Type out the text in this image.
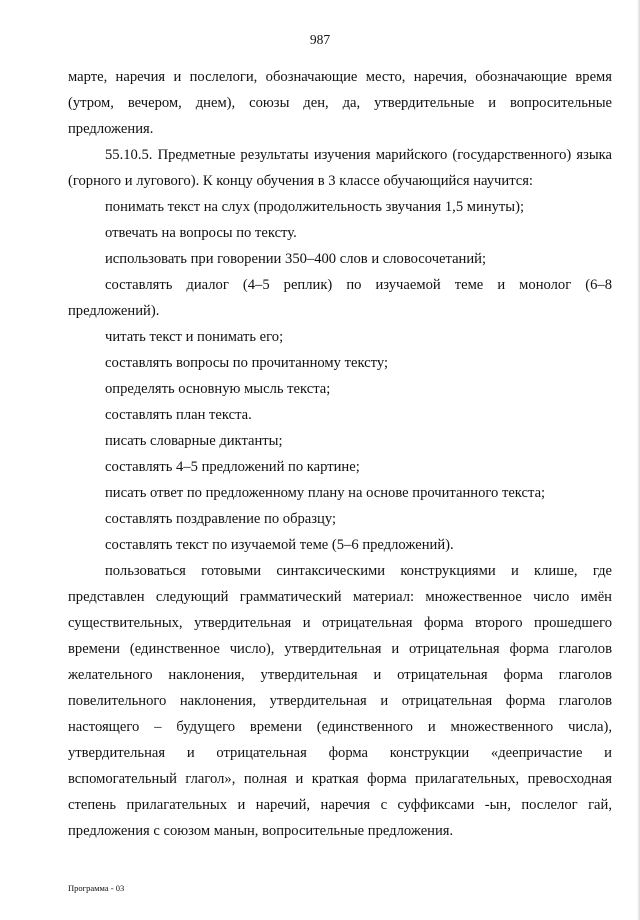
987

марте, наречия и послелоги, обозначающие место, наречия, обозначающие время (утром, вечером, днем), союзы ден, да, утвердительные и вопросительные предложения.

55.10.5. Предметные результаты изучения марийского (государственного) языка (горного и лугового). К концу обучения в 3 классе обучающийся научится:

понимать текст на слух (продолжительность звучания 1,5 минуты);

отвечать на вопросы по тексту.

использовать при говорении 350–400 слов и словосочетаний;

составлять диалог (4–5 реплик) по изучаемой теме и монолог (6–8 предложений).

читать текст и понимать его;

составлять вопросы по прочитанному тексту;

определять основную мысль текста;

составлять план текста.

писать словарные диктанты;

составлять 4–5 предложений по картине;

писать ответ по предложенному плану на основе прочитанного текста;

составлять поздравление по образцу;

составлять текст по изучаемой теме (5–6 предложений).

пользоваться готовыми синтаксическими конструкциями и клише, где представлен следующий грамматический материал: множественное число имён существительных, утвердительная и отрицательная форма второго прошедшего времени (единственное число), утвердительная и отрицательная форма глаголов желательного наклонения, утвердительная и отрицательная форма глаголов повелительного наклонения, утвердительная и отрицательная форма глаголов настоящего – будущего времени (единственного и множественного числа), утвердительная и отрицательная форма конструкции «деепричастие и вспомогательный глагол», полная и краткая форма прилагательных, превосходная степень прилагательных и наречий, наречия с суффиксами -ын, послелог гай, предложения с союзом манын, вопросительные предложения.

Программа - 03
